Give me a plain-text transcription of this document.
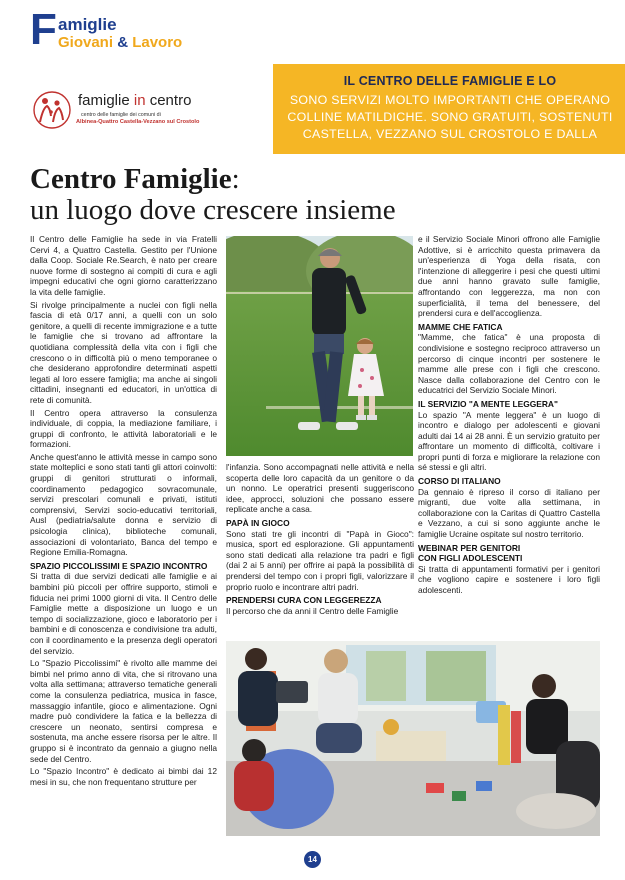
F amiglie
Giovani & Lavoro
IL CENTRO DELLE FAMIGLIE E LO
SONO SERVIZI MOLTO IMPORTANTI CHE OPERANO
COLLINE MATILDICHE. SONO GRATUITI, SOSTENUTI
CASTELLA, VEZZANO SUL CROSTOLO E DALLA
famiglie in centro
centro delle famiglie dei comuni di
Albinea-Quattro Castella-Vezzano sul Crostolo
Centro Famiglie:
un luogo dove crescere insieme

Il Centro delle Famiglie ha sede in via Fratelli Cervi 4, a Quattro Castella. Gestito per l'Unione dalla Coop. Sociale Re.Search, è nato per creare nuove forme di sostegno ai compiti di cura e agli impegni educativi che ogni giorno caratterizzano la vita delle famiglie.

Si rivolge principalmente a nuclei con figli nella fascia di età 0/17 anni, a quelli con un solo genitore, a quelli di recente immigrazione e a tutte le famiglie che si trovano ad affrontare la quotidiana complessità della vita con i figli che crescono o in difficoltà più o meno temporanee o che desiderano approfondire determinati aspetti legati al loro essere famiglia; ma anche ai singoli cittadini, insegnanti ed educatori, in un'ottica di rete di comunità.

Il Centro opera attraverso la consulenza individuale, di coppia, la mediazione familiare, i gruppi di confronto, le attività laboratoriali e le formazioni.

Anche quest'anno le attività messe in campo sono state molteplici e sono stati tanti gli attori coinvolti: gruppi di genitori strutturati o informali, coordinamento pedagogico sovracomunale, servizi prescolari comunali e privati, istituti comprensivi, Servizi socio-educativi territoriali, Ausl (pediatria/salute donna e servizio di psicologia clinica), biblioteche comunali, associazioni di volontariato, Banca del tempo e Regione Emilia-Romagna.

SPAZIO PICCOLISSIMI E SPAZIO INCONTRO

Si tratta di due servizi dedicati alle famiglie e ai bambini più piccoli per offrire supporto, stimoli e fiducia nei primi 1000 giorni di vita. Il Centro delle Famiglie mette a disposizione un luogo e un tempo di socializzazione, gioco e laboratorio per i bambini e di conoscenza e condivisione tra adulti, con il coordinamento e la presenza degli operatori del servizio.

Lo "Spazio Piccolissimi" è rivolto alle mamme dei bimbi nel primo anno di vita, che si ritrovano una volta alla settimana; attraverso tematiche generali come la consulenza pediatrica, musica in fasce, massaggio infantile, gioco e alimentazione. Ogni madre può condividere la fatica e la bellezza di crescere un neonato, sentirsi compresa e sostenuta, ma anche essere risorsa per le altre. Il gruppo si è incontrato da gennaio a giugno nella sede del Centro.

Lo "Spazio Incontro" è dedicato ai bimbi dai 12 mesi in su, che non frequentano strutture per

l'infanzia. Sono accompagnati nelle attività e nella scoperta delle loro capacità da un genitore o da un nonno. Le operatrici presenti suggeriscono idee, approcci, soluzioni che possano essere replicate anche a casa.

PAPÀ IN GIOCO

Sono stati tre gli incontri di "Papà in Gioco": musica, sport ed esplorazione. Gli appuntamenti sono stati dedicati alla relazione tra padri e figli (dai 2 ai 5 anni) per offrire ai papà la possibilità di prendersi del tempo con i propri figli, valorizzare il proprio ruolo e incontrare altri padri.

PRENDERSI CURA CON LEGGEREZZA

Il percorso che da anni il Centro delle Famiglie

e il Servizio Sociale Minori offrono alle Famiglie Adottive, si è arricchito questa primavera da un'esperienza di Yoga della risata, con l'intenzione di alleggerire i pesi che questi ultimi due anni hanno gravato sulle famiglie, affrontando con leggerezza, ma non con superficialità, il tema del benessere, del prendersi cura e dell'accoglienza.

MAMME CHE FATICA

"Mamme, che fatica" è una proposta di condivisione e sostegno reciproco attraverso un percorso di cinque incontri per sostenere le mamme alle prese con i figli che crescono. Nasce dalla collaborazione del Centro con le educatrici del Servizio Sociale Minori.

IL SERVIZIO "A MENTE LEGGERA"

Lo spazio "A mente leggera" è un luogo di incontro e dialogo per adolescenti e giovani adulti dai 14 ai 28 anni. È un servizio gratuito per affrontare un momento di difficoltà, coltivare i propri punti di forza e migliorare la relazione con sé stessi e gli altri.

CORSO DI ITALIANO

Da gennaio è ripreso il corso di italiano per migranti, due volte alla settimana, in collaborazione con la Caritas di Quattro Castella e Vezzano, a cui si sono aggiunte anche le famiglie Ucraine ospitate sul nostro territorio.

WEBINAR PER GENITORI
CON FIGLI ADOLESCENTI

Si tratta di appuntamenti formativi per i genitori che vogliono capire e sostenere i loro figli adolescenti.

14
